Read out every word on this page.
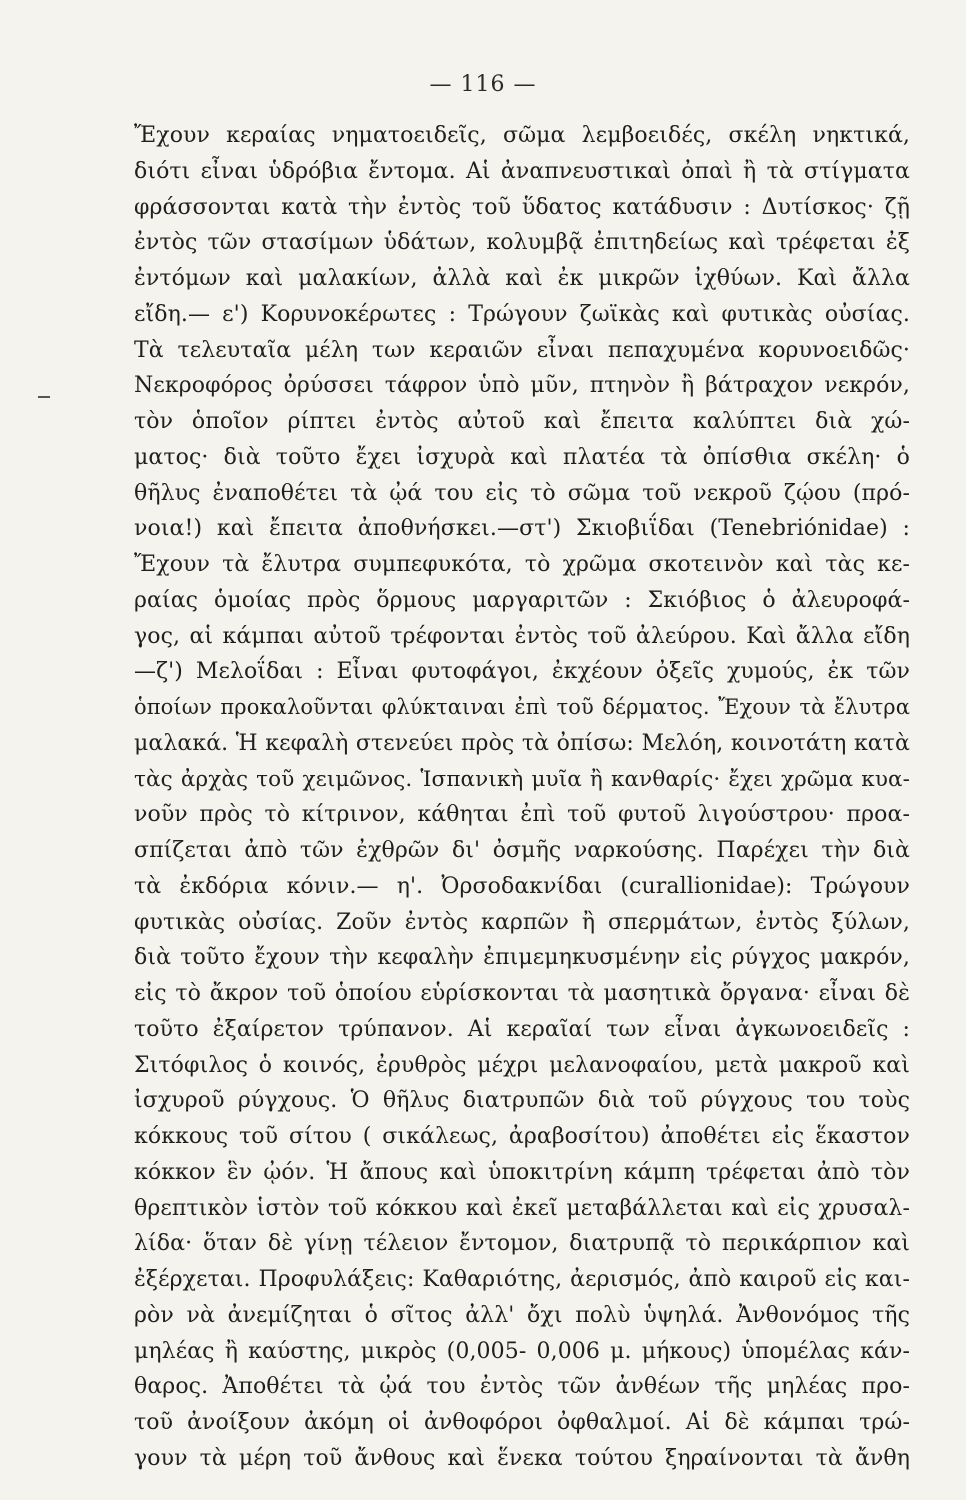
— 116 —
Ἔχουν κεραίας νηματοειδεῖς, σῶμα λεμβοειδές, σκέλη νηκτικά,
διότι εἶναι ὑδρόβια ἔντομα. Αἱ ἀναπνευστικαὶ ὀπαὶ ἢ τὰ στίγματα
φράσσονται κατὰ τὴν ἐντὸς τοῦ ὕδατος κατάδυσιν : Δυτίσκος· ζῇ
ἐντὸς τῶν στασίμων ὑδάτων, κολυμβᾷ ἐπιτηδείως καὶ τρέφεται ἐξ
ἐντόμων καὶ μαλακίων, ἀλλὰ καὶ ἐκ μικρῶν ἰχθύων. Καὶ ἄλλα
εἴδη.— ε') Κορυνοκέρωτες : Τρώγουν ζωϊκὰς καὶ φυτικὰς οὐσίας.
Τὰ τελευταῖα μέλη των κεραιῶν εἶναι πεπαχυμένα κορυνοειδῶς·
Νεκροφόρος ὀρύσσει τάφρον ὑπὸ μῦν, πτηνὸν ἢ βάτραχον νεκρόν,
τὸν ὁποῖον ρίπτει ἐντὸς αὐτοῦ καὶ ἔπειτα καλύπτει διὰ χώ-
ματος· διὰ τοῦτο ἔχει ἰσχυρὰ καὶ πλατέα τὰ ὀπίσθια σκέλη· ὁ
θῆλυς ἐναποθέτει τὰ ᾠά του εἰς τὸ σῶμα τοῦ νεκροῦ ζῴου (πρό-
νοια!) καὶ ἔπειτα ἀποθνήσκει.—στ') Σκιοβιΐδαι (Tenebriónidae) :
Ἔχουν τὰ ἔλυτρα συμπεφυκότα, τὸ χρῶμα σκοτεινὸν καὶ τὰς κε-
ραίας ὁμοίας πρὸς ὅρμους μαργαριτῶν : Σκιόβιος ὁ ἀλευροφά-
γος, αἱ κάμπαι αὐτοῦ τρέφονται ἐντὸς τοῦ ἀλεύρου. Καὶ ἄλλα εἴδη
—ζ') Μελοΐδαι : Εἶναι φυτοφάγοι, ἐκχέουν ὀξεῖς χυμούς, ἐκ τῶν
ὁποίων προκαλοῦνται φλύκταιναι ἐπὶ τοῦ δέρματος. Ἔχουν τὰ ἔλυτρα
μαλακά. Ἡ κεφαλὴ στενεύει πρὸς τὰ ὀπίσω: Μελόη, κοινοτάτη κατὰ
τὰς ἀρχὰς τοῦ χειμῶνος. Ἱσπανικὴ μυῖα ἢ κανθαρίς· ἔχει χρῶμα κυα-
νοῦν πρὸς τὸ κίτρινον, κάθηται ἐπὶ τοῦ φυτοῦ λιγούστρου· προα-
σπίζεται ἀπὸ τῶν ἐχθρῶν δι' ὀσμῆς ναρκούσης. Παρέχει τὴν διὰ
τὰ ἐκδόρια κόνιν.— η'. Ὀρσοδακνίδαι (curallionidae): Τρώγουν
φυτικὰς οὐσίας. Ζοῦν ἐντὸς καρπῶν ἢ σπερμάτων, ἐντὸς ξύλων,
διὰ τοῦτο ἔχουν τὴν κεφαλὴν ἐπιμεμηκυσμένην εἰς ρύγχος μακρόν,
εἰς τὸ ἄκρον τοῦ ὁποίου εὑρίσκονται τὰ μασητικὰ ὄργανα· εἶναι δὲ
τοῦτο ἐξαίρετον τρύπανον. Αἱ κεραῖαί των εἶναι ἀγκωνοειδεῖς :
Σιτόφιλος ὁ κοινός, ἐρυθρὸς μέχρι μελανοφαίου, μετὰ μακροῦ καὶ
ἰσχυροῦ ρύγχους. Ὁ θῆλυς διατρυπῶν διὰ τοῦ ρύγχους του τοὺς
κόκκους τοῦ σίτου ( σικάλεως, ἀραβοσίτου) ἀποθέτει εἰς ἕκαστον
κόκκον ἓν ᾠόν. Ἡ ἄπους καὶ ὑποκιτρίνη κάμπη τρέφεται ἀπὸ τὸν
θρεπτικὸν ἱστὸν τοῦ κόκκου καὶ ἐκεῖ μεταβάλλεται καὶ εἰς χρυσαλ-
λίδα· ὅταν δὲ γίνῃ τέλειον ἔντομον, διατρυπᾷ τὸ περικάρπιον καὶ
ἐξέρχεται. Προφυλάξεις: Καθαριότης, ἀερισμός, ἀπὸ καιροῦ εἰς και-
ρὸν νὰ ἀνεμίζηται ὁ σῖτος ἀλλ' ὄχι πολὺ ὑψηλά. Ἀνθονόμος τῆς
μηλέας ἢ καύστης, μικρὸς (0,005- 0,006 μ. μήκους) ὑπομέλας κάν-
θαρος. Ἀποθέτει τὰ ᾠά του ἐντὸς τῶν ἀνθέων τῆς μηλέας προ-
τοῦ ἀνοίξουν ἀκόμη οἱ ἀνθοφόροι ὀφθαλμοί. Αἱ δὲ κάμπαι τρώ-
γουν τὰ μέρη τοῦ ἄνθους καὶ ἕνεκα τούτου ξηραίνονται τὰ ἄνθη
